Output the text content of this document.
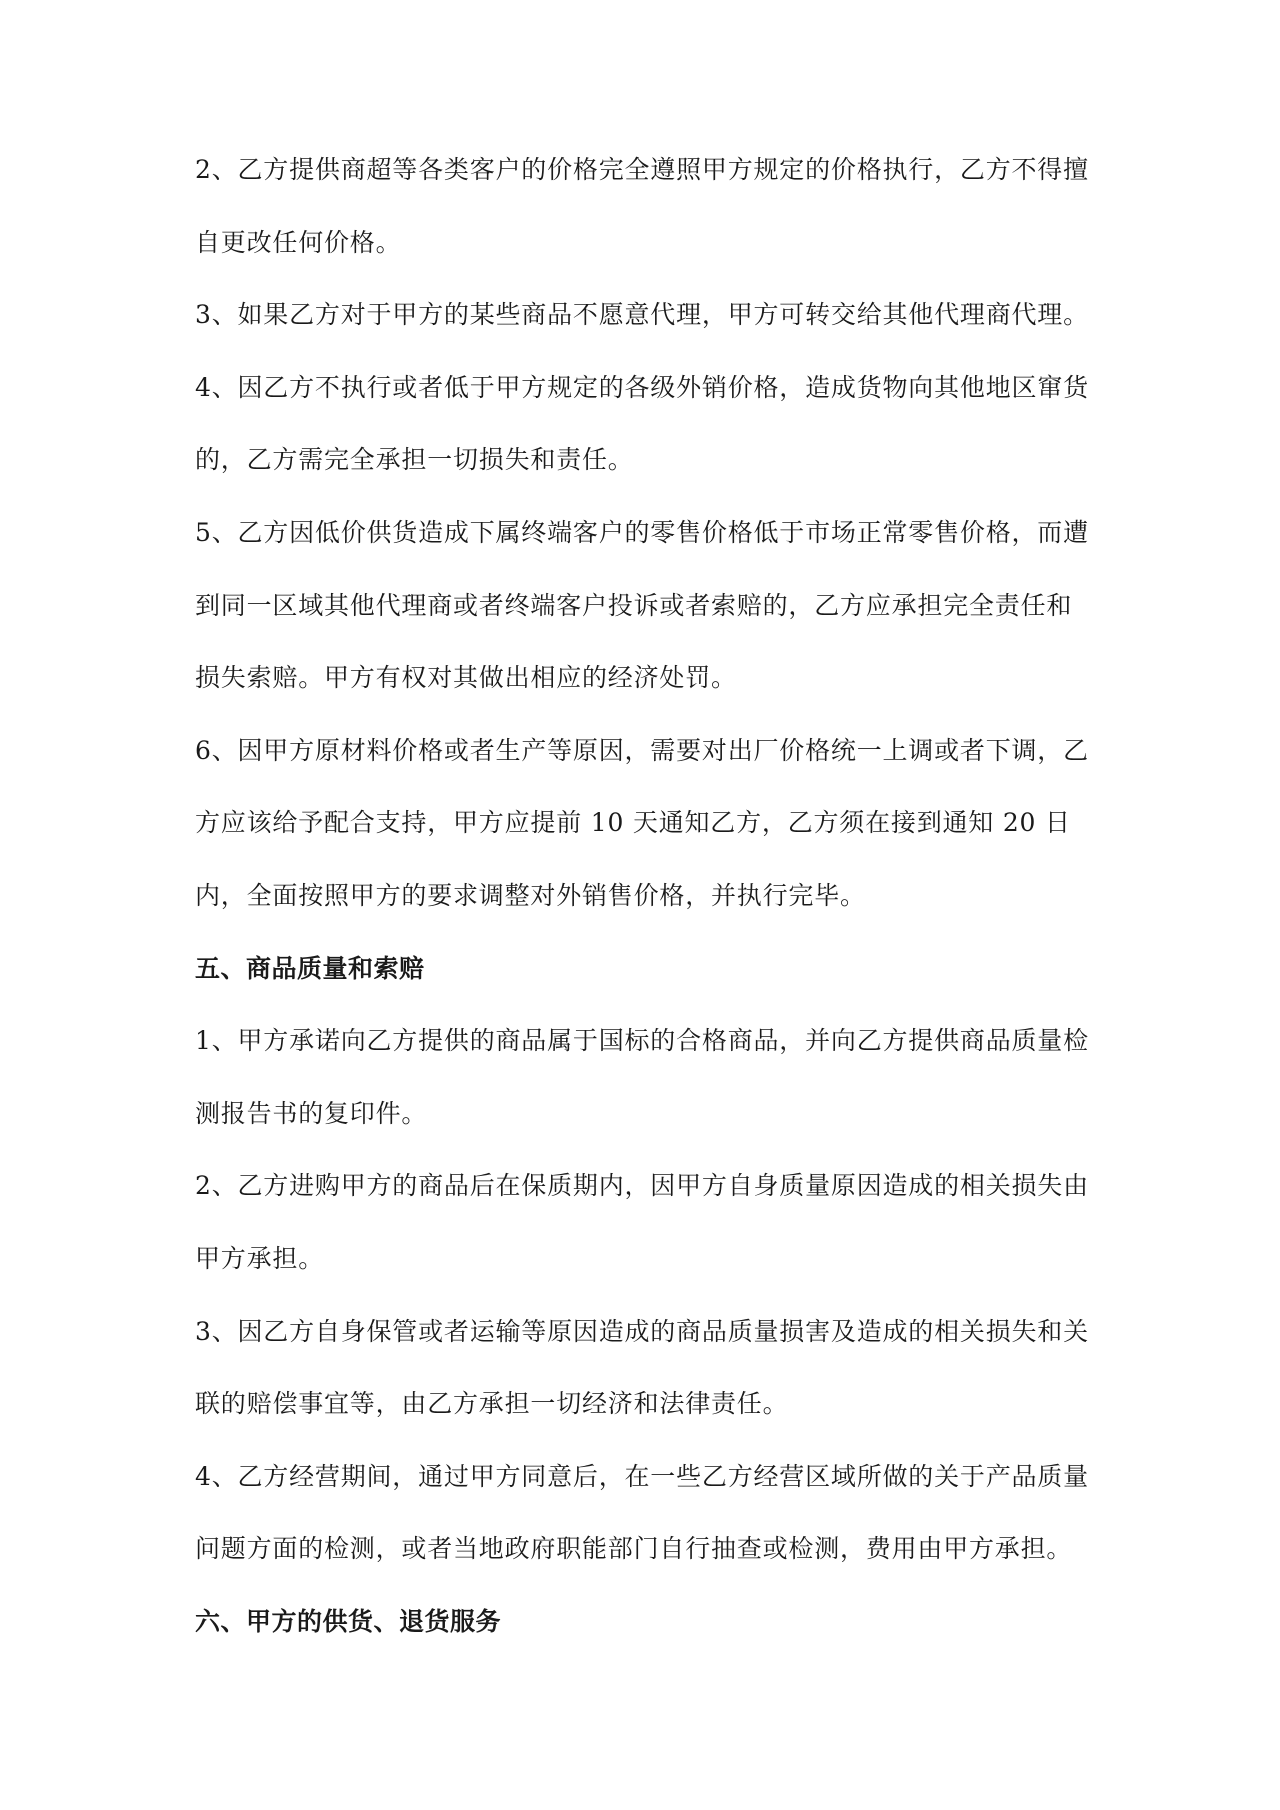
2、乙方提供商超等各类客户的价格完全遵照甲方规定的价格执行，乙方不得擅
自更改任何价格。
3、如果乙方对于甲方的某些商品不愿意代理，甲方可转交给其他代理商代理。
4、因乙方不执行或者低于甲方规定的各级外销价格，造成货物向其他地区窜货
的，乙方需完全承担一切损失和责任。
5、乙方因低价供货造成下属终端客户的零售价格低于市场正常零售价格，而遭
到同一区域其他代理商或者终端客户投诉或者索赔的，乙方应承担完全责任和
损失索赔。甲方有权对其做出相应的经济处罚。
6、因甲方原材料价格或者生产等原因，需要对出厂价格统一上调或者下调，乙
方应该给予配合支持，甲方应提前 10 天通知乙方，乙方须在接到通知 20 日
内，全面按照甲方的要求调整对外销售价格，并执行完毕。
五、商品质量和索赔
1、甲方承诺向乙方提供的商品属于国标的合格商品，并向乙方提供商品质量检
测报告书的复印件。
2、乙方进购甲方的商品后在保质期内，因甲方自身质量原因造成的相关损失由
甲方承担。
3、因乙方自身保管或者运输等原因造成的商品质量损害及造成的相关损失和关
联的赔偿事宜等，由乙方承担一切经济和法律责任。
4、乙方经营期间，通过甲方同意后，在一些乙方经营区域所做的关于产品质量
问题方面的检测，或者当地政府职能部门自行抽查或检测，费用由甲方承担。
六、甲方的供货、退货服务
